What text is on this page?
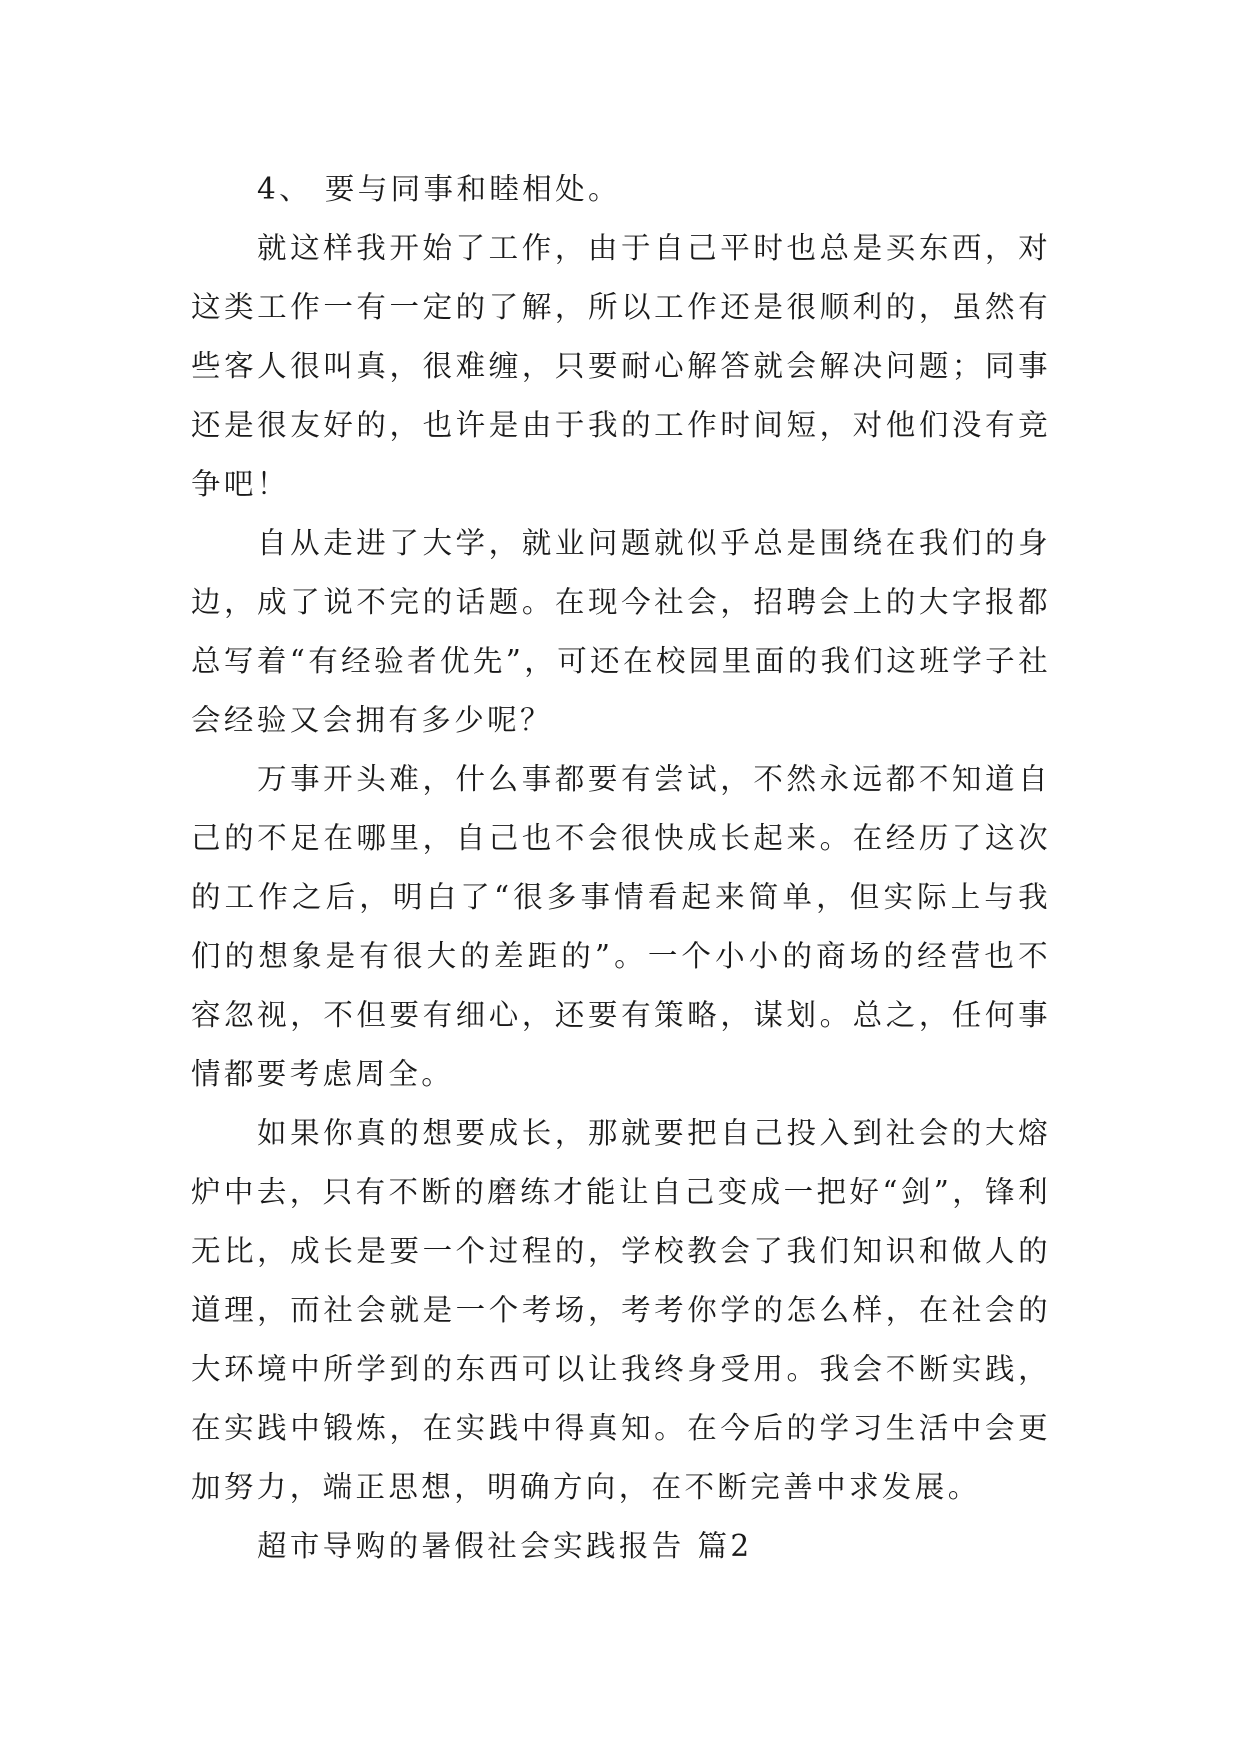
4、 要与同事和睦相处。

就这样我开始了工作，由于自己平时也总是买东西，对这类工作一有一定的了解，所以工作还是很顺利的，虽然有些客人很叫真，很难缠，只要耐心解答就会解决问题；同事还是很友好的，也许是由于我的工作时间短，对他们没有竞争吧！

自从走进了大学，就业问题就似乎总是围绕在我们的身边，成了说不完的话题。在现今社会，招聘会上的大字报都总写着“有经验者优先”，可还在校园里面的我们这班学子社会经验又会拥有多少呢？

万事开头难，什么事都要有尝试，不然永远都不知道自己的不足在哪里，自己也不会很快成长起来。在经历了这次的工作之后，明白了“很多事情看起来简单，但实际上与我们的想象是有很大的差距的”。一个小小的商场的经营也不容忽视，不但要有细心，还要有策略，谋划。总之，任何事情都要考虑周全。

如果你真的想要成长，那就要把自己投入到社会的大熔炉中去，只有不断的磨练才能让自己变成一把好“剑”，锋利无比，成长是要一个过程的，学校教会了我们知识和做人的道理，而社会就是一个考场，考考你学的怎么样，在社会的大环境中所学到的东西可以让我终身受用。我会不断实践，在实践中锻炼，在实践中得真知。在今后的学习生活中会更加努力，端正思想，明确方向，在不断完善中求发展。

超市导购的暑假社会实践报告 篇2
